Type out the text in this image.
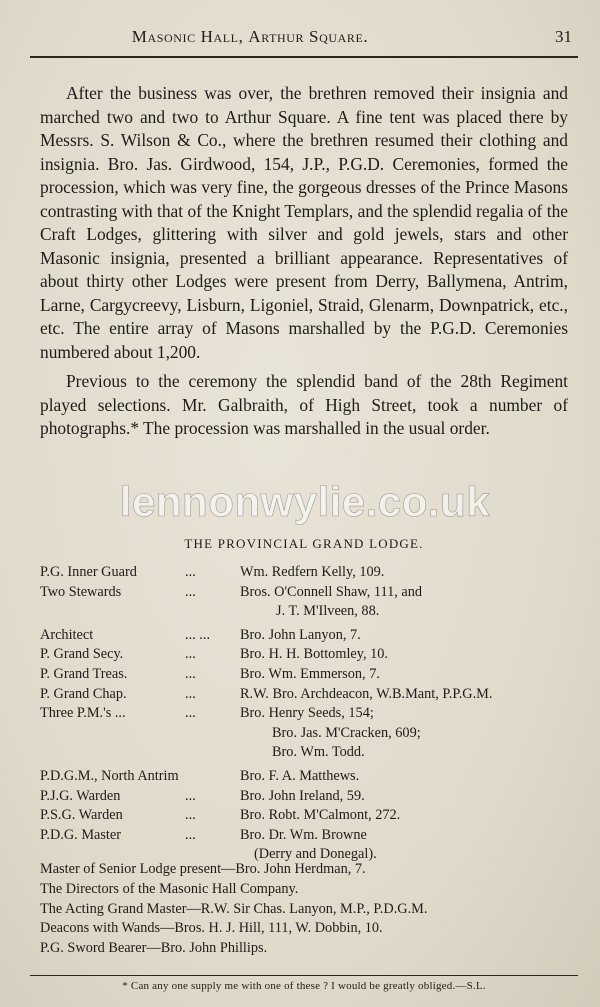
Masonic Hall, Arthur Square.	31

After the business was over, the brethren removed their insignia and marched two and two to Arthur Square. A fine tent was placed there by Messrs. S. Wilson & Co., where the brethren resumed their clothing and insignia. Bro. Jas. Girdwood, 154, J.P., P.G.D. Ceremonies, formed the procession, which was very fine, the gorgeous dresses of the Prince Masons contrasting with that of the Knight Templars, and the splendid regalia of the Craft Lodges, glittering with silver and gold jewels, stars and other Masonic insignia, presented a brilliant appearance. Representatives of about thirty other Lodges were present from Derry, Ballymena, Antrim, Larne, Cargycreevy, Lisburn, Ligoniel, Straid, Glenarm, Downpatrick, etc., etc. The entire array of Masons marshalled by the P.G.D. Ceremonies numbered about 1,200.

Previous to the ceremony the splendid band of the 28th Regiment played selections. Mr. Galbraith, of High Street, took a number of photographs.* The procession was marshalled in the usual order.

lennonwylie.co.uk
THE PROVINCIAL GRAND LODGE.
P.G. Inner Guard	...	Wm. Redfern Kelly, 109.
Two Stewards	...	Bros. O'Connell Shaw, 111, and
J. T. M'Ilveen, 88.
Architect	... ...	Bro. John Lanyon, 7.
P. Grand Secy.	...	Bro. H. H. Bottomley, 10.
P. Grand Treas.	...	Bro. Wm. Emmerson, 7.
P. Grand Chap.	...	R.W. Bro. Archdeacon, W.B.Mant, P.P.G.M.
Three P.M.'s ...	...	Bro. Henry Seeds, 154;
Bro. Jas. M'Cracken, 609;
Bro. Wm. Todd.
P.D.G.M., North Antrim	Bro. F. A. Matthews.
P.J.G. Warden	...	Bro. John Ireland, 59.
P.S.G. Warden	...	Bro. Robt. M'Calmont, 272.
P.D.G. Master	...	Bro. Dr. Wm. Browne
(Derry and Donegal).
Master of Senior Lodge present—Bro. John Herdman, 7.
The Directors of the Masonic Hall Company.
The Acting Grand Master—R.W. Sir Chas. Lanyon, M.P., P.D.G.M.
Deacons with Wands—Bros. H. J. Hill, 111, W. Dobbin, 10.
P.G. Sword Bearer—Bro. John Phillips.
* Can any one supply me with one of these ? I would be greatly obliged.—S.L.
